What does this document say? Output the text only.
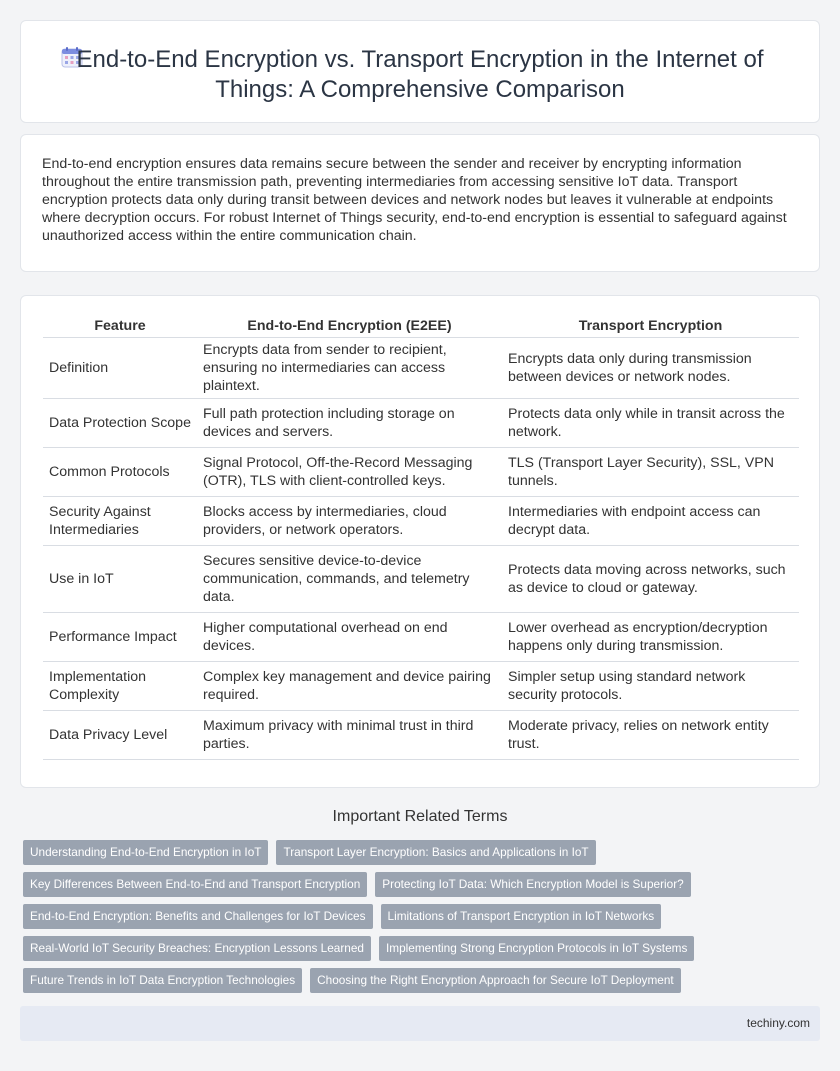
End-to-End Encryption vs. Transport Encryption in the Internet of Things: A Comprehensive Comparison

End-to-end encryption ensures data remains secure between the sender and receiver by encrypting information throughout the entire transmission path, preventing intermediaries from accessing sensitive IoT data. Transport encryption protects data only during transit between devices and network nodes but leaves it vulnerable at endpoints where decryption occurs. For robust Internet of Things security, end-to-end encryption is essential to safeguard against unauthorized access within the entire communication chain.

Feature	End-to-End Encryption (E2EE)	Transport Encryption
Definition	Encrypts data from sender to recipient, ensuring no intermediaries can access plaintext.	Encrypts data only during transmission between devices or network nodes.
Data Protection Scope	Full path protection including storage on devices and servers.	Protects data only while in transit across the network.
Common Protocols	Signal Protocol, Off-the-Record Messaging (OTR), TLS with client-controlled keys.	TLS (Transport Layer Security), SSL, VPN tunnels.
Security Against Intermediaries	Blocks access by intermediaries, cloud providers, or network operators.	Intermediaries with endpoint access can decrypt data.
Use in IoT	Secures sensitive device-to-device communication, commands, and telemetry data.	Protects data moving across networks, such as device to cloud or gateway.
Performance Impact	Higher computational overhead on end devices.	Lower overhead as encryption/decryption happens only during transmission.
Implementation Complexity	Complex key management and device pairing required.	Simpler setup using standard network security protocols.
Data Privacy Level	Maximum privacy with minimal trust in third parties.	Moderate privacy, relies on network entity trust.
Important Related Terms
Understanding End-to-End Encryption in IoT Transport Layer Encryption: Basics and Applications in IoT
Key Differences Between End-to-End and Transport Encryption Protecting IoT Data: Which Encryption Model is Superior?
End-to-End Encryption: Benefits and Challenges for IoT Devices Limitations of Transport Encryption in IoT Networks
Real-World IoT Security Breaches: Encryption Lessons Learned Implementing Strong Encryption Protocols in IoT Systems
Future Trends in IoT Data Encryption Technologies Choosing the Right Encryption Approach for Secure IoT Deployment
techiny.com
